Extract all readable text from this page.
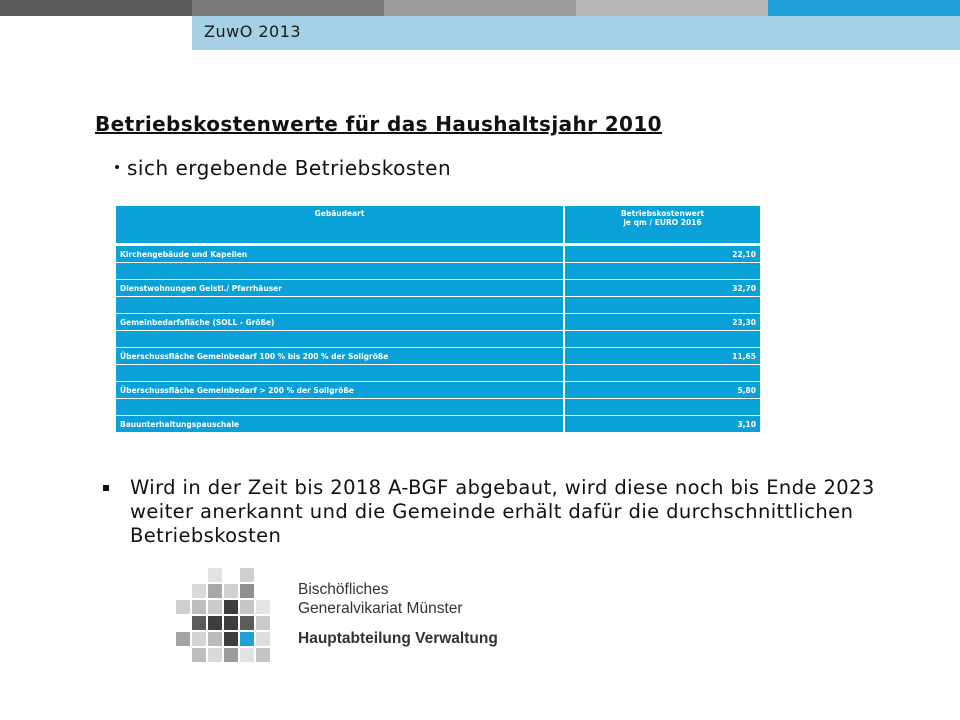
ZuwO 2013
Betriebskostenwerte für das Haushaltsjahr 2010
sich ergebende Betriebskosten
Gebäudeart	Betriebskostenwert
je qm / EURO 2016
Kirchengebäude und Kapellen	22,10

Dienstwohnungen Geistl./ Pfarrhäuser	32,70

Gemeinbedarfsfläche (SOLL - Größe)	23,30

Überschussfläche Gemeinbedarf 100 % bis 200 % der Sollgröße	11,65

Überschussfläche Gemeinbedarf > 200 % der Sollgröße	5,80

Bauunterhaltungspauschale	3,10
Wird in der Zeit bis 2018 A-BGF abgebaut, wird diese noch bis Ende 2023 weiter anerkannt und die Gemeinde erhält dafür die durchschnittlichen Betriebskosten
Bischöfliches
Generalvikariat Münster
Hauptabteilung Verwaltung
